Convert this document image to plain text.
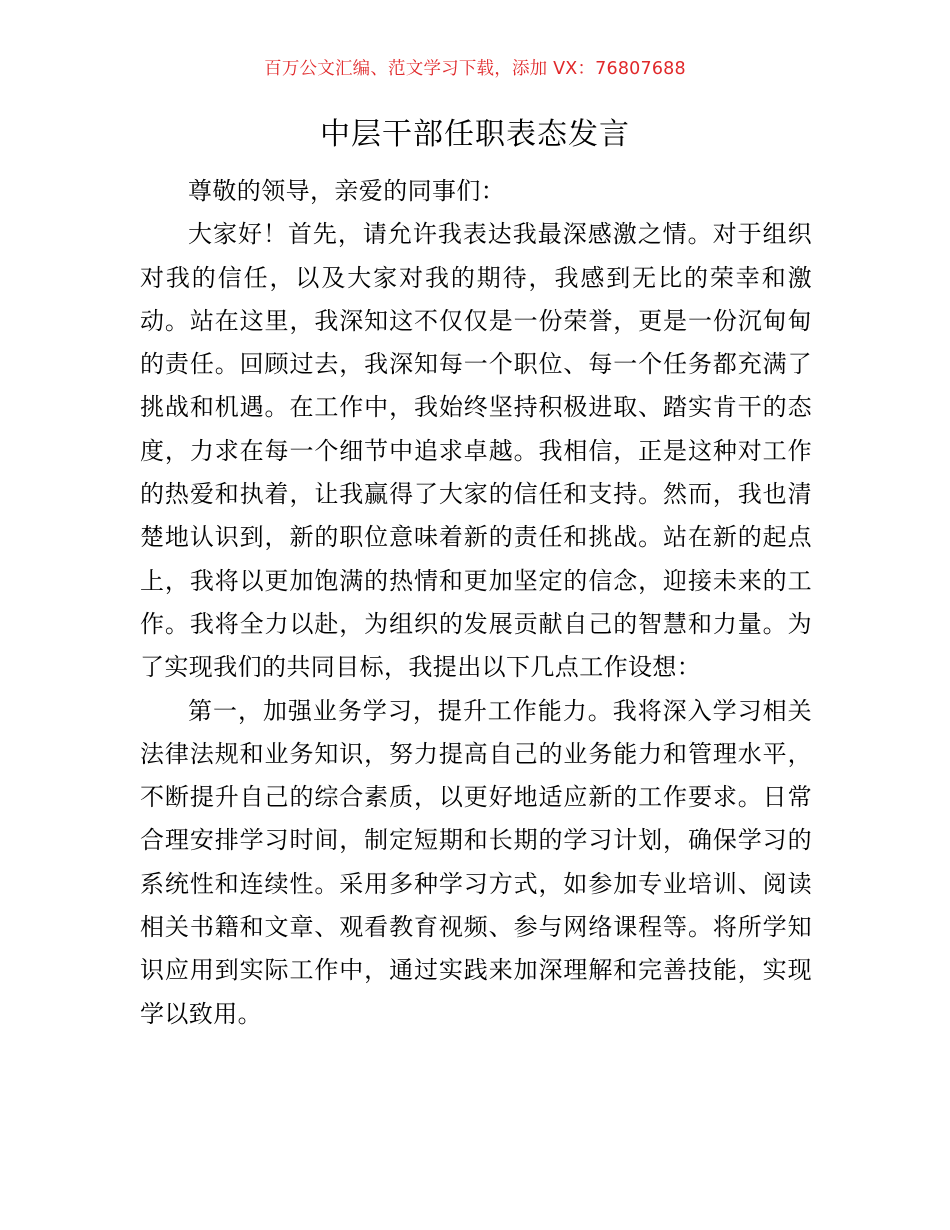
百万公文汇编、范文学习下载，添加 VX：76807688
中层干部任职表态发言

尊敬的领导，亲爱的同事们：

大家好！首先，请允许我表达我最深感激之情。对于组织对我的信任，以及大家对我的期待，我感到无比的荣幸和激动。站在这里，我深知这不仅仅是一份荣誉，更是一份沉甸甸的责任。回顾过去，我深知每一个职位、每一个任务都充满了挑战和机遇。在工作中，我始终坚持积极进取、踏实肯干的态度，力求在每一个细节中追求卓越。我相信，正是这种对工作的热爱和执着，让我赢得了大家的信任和支持。然而，我也清楚地认识到，新的职位意味着新的责任和挑战。站在新的起点上，我将以更加饱满的热情和更加坚定的信念，迎接未来的工作。我将全力以赴，为组织的发展贡献自己的智慧和力量。为了实现我们的共同目标，我提出以下几点工作设想：

第一，加强业务学习，提升工作能力。我将深入学习相关法律法规和业务知识，努力提高自己的业务能力和管理水平，不断提升自己的综合素质，以更好地适应新的工作要求。日常合理安排学习时间，制定短期和长期的学习计划，确保学习的系统性和连续性。采用多种学习方式，如参加专业培训、阅读相关书籍和文章、观看教育视频、参与网络课程等。将所学知识应用到实际工作中，通过实践来加深理解和完善技能，实现学以致用。
